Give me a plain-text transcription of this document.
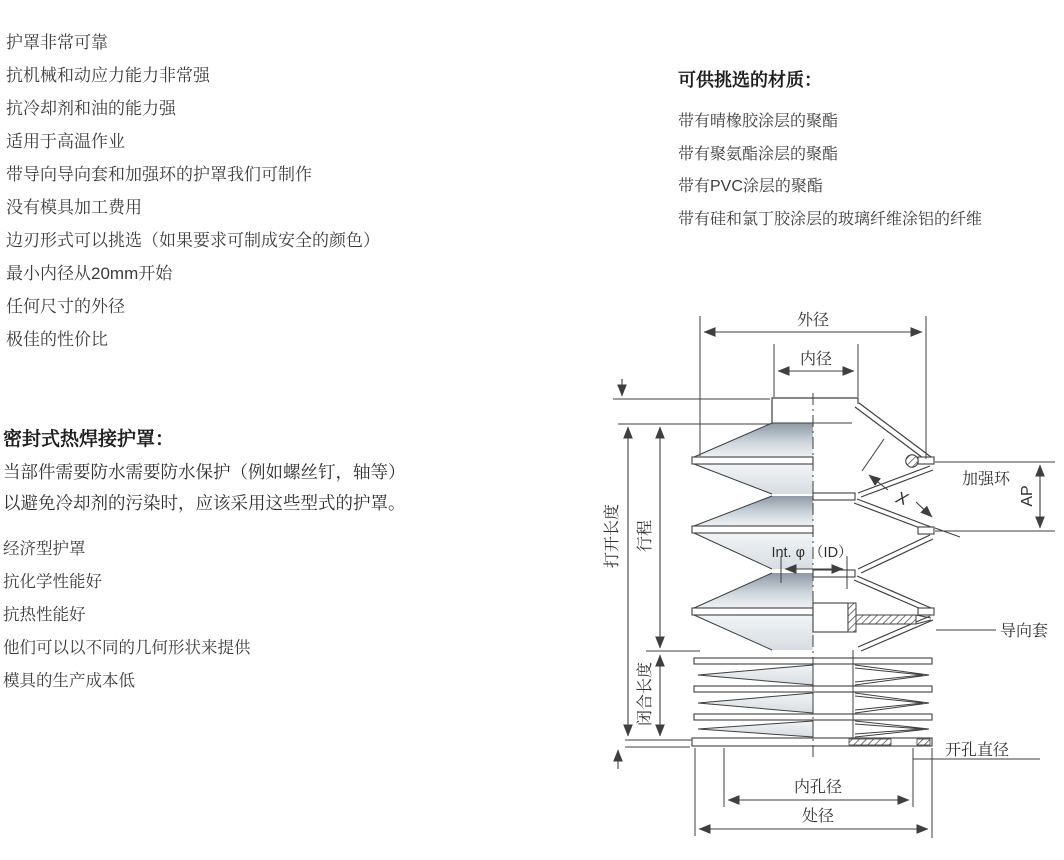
护罩非常可靠
抗机械和动应力能力非常强
抗冷却剂和油的能力强
适用于高温作业
带导向导向套和加强环的护罩我们可制作
没有模具加工费用
边刃形式可以挑选（如果要求可制成安全的颜色）
最小内径从20mm开始
任何尺寸的外径
极佳的性价比
密封式热焊接护罩：
当部件需要防水需要防水保护（例如螺丝钉，轴等）
以避免冷却剂的污染时，应该采用这些型式的护罩。
经济型护罩
抗化学性能好
抗热性能好
他们可以以不同的几何形状来提供
模具的生产成本低
可供挑选的材质：
带有晴橡胶涂层的聚酯
带有聚氨酯涂层的聚酯
带有PVC涂层的聚酯
带有硅和氯丁胶涂层的玻璃纤维涂铝的纤维
外径
内径
打开长度 行程
闭合长度
AP
加强环
X
Int. φ （ID）
导向套
开孔直径
内孔径
处径
